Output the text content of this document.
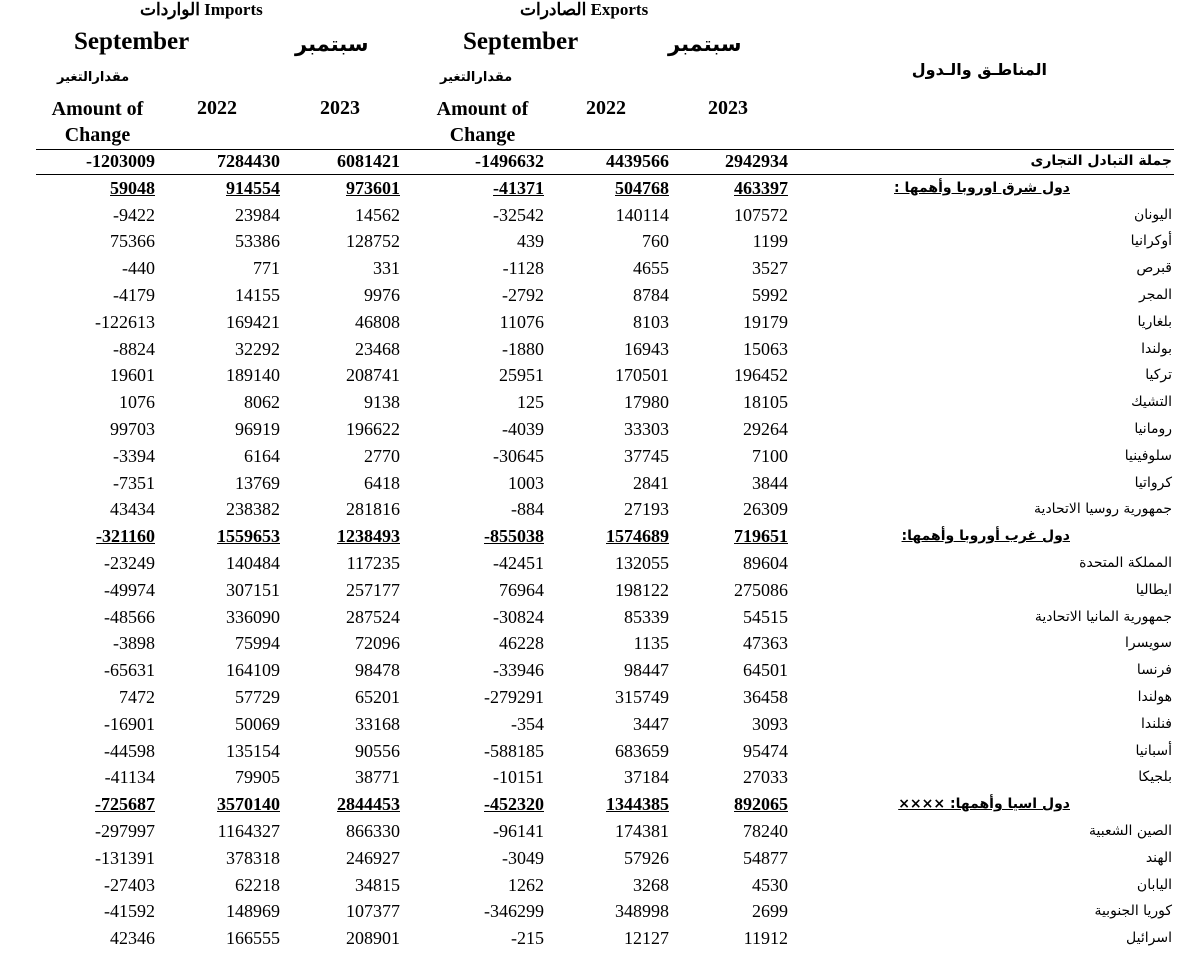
الواردات Imports	الصادرات Exports
September	سبتمبر	September	سبتمبر
المناطـق والـدول
مقدارالتغير	مقدارالتغير
Amount of Change
Amount of Change
2022	2023	2022	2023
-1203009	7284430	6081421	-1496632	4439566	2942934	جملة التبادل التجارى
59048	914554	973601	-41371	504768	463397	دول شرق اوروبا وأهمها :
-9422	23984	14562	-32542	140114	107572	اليونان
75366	53386	128752	439	760	1199	أوكرانيا
-440	771	331	-1128	4655	3527	قبرص
-4179	14155	9976	-2792	8784	5992	المجر
-122613	169421	46808	11076	8103	19179	بلغاريا
-8824	32292	23468	-1880	16943	15063	بولندا
19601	189140	208741	25951	170501	196452	تركيا
1076	8062	9138	125	17980	18105	التشيك
99703	96919	196622	-4039	33303	29264	رومانيا
-3394	6164	2770	-30645	37745	7100	سلوفينيا
-7351	13769	6418	1003	2841	3844	كرواتيا
43434	238382	281816	-884	27193	26309	جمهورية روسيا الاتحادية
-321160	1559653	1238493	-855038	1574689	719651	دول غرب أوروبا وأهمها:
-23249	140484	117235	-42451	132055	89604	المملكة المتحدة
-49974	307151	257177	76964	198122	275086	ايطاليا
-48566	336090	287524	-30824	85339	54515	جمهورية المانيا الاتحادية
-3898	75994	72096	46228	1135	47363	سويسرا
-65631	164109	98478	-33946	98447	64501	فرنسا
7472	57729	65201	-279291	315749	36458	هولندا
-16901	50069	33168	-354	3447	3093	فنلندا
-44598	135154	90556	-588185	683659	95474	أسبانيا
-41134	79905	38771	-10151	37184	27033	بلجيكا
-725687	3570140	2844453	-452320	1344385	892065	دول اسيا وأهمها: ××××
-297997	1164327	866330	-96141	174381	78240	الصين الشعبية
-131391	378318	246927	-3049	57926	54877	الهند
-27403	62218	34815	1262	3268	4530	اليابان
-41592	148969	107377	-346299	348998	2699	كوريا الجنوبية
42346	166555	208901	-215	12127	11912	اسرائيل
